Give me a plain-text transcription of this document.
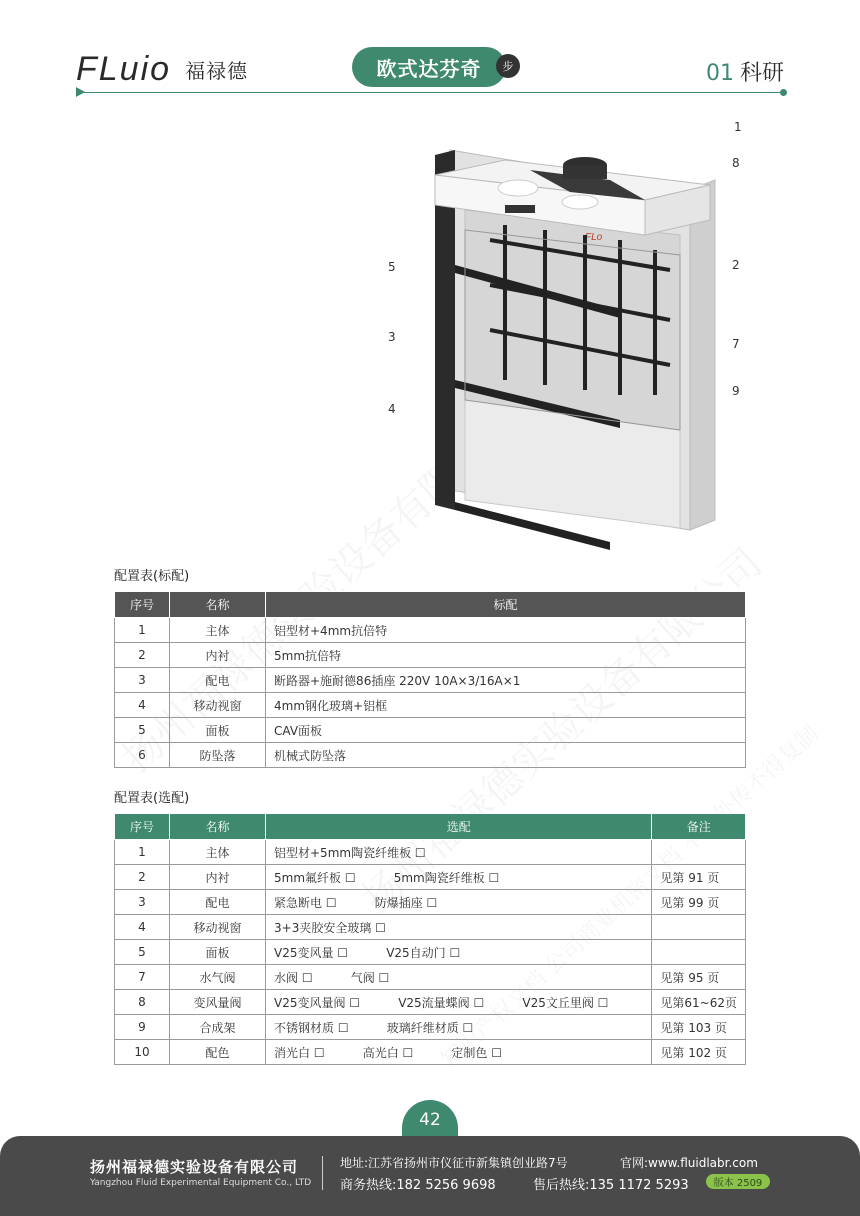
FLuio 福禄德	欧式达芬奇	步	01 科研
FLo
1
8
2
5
3	7
9
4
配置表(标配)
序号	名称	标配
1	主体	铝型材+4mm抗倍特
2	内衬	5mm抗倍特
3	配电	断路器+施耐德86插座 220V 10A×3/16A×1
4	移动视窗	4mm钢化玻璃+铝框
5	面板	CAV面板
6	防坠落	机械式防坠落
配置表(选配)
序号	名称	选配	备注
1	主体	铝型材+5mm陶瓷纤维板 ☐	
2	内衬	5mm氟纤板 ☐          5mm陶瓷纤维板 ☐	见第 91 页
3	配电	紧急断电 ☐          防爆插座 ☐	见第 99 页
4	移动视窗	3+3夹胶安全玻璃 ☐	
5	面板	V25变风量 ☐          V25自动门 ☐	
7	水气阀	水阀 ☐          气阀 ☐	见第 95 页
8	变风量阀	V25变风量阀 ☐          V25流量蝶阀 ☐          V25文丘里阀 ☐	见第61~62页
9	合成架	不锈钢材质 ☐          玻璃纤维材质 ☐	见第 103 页
10	配色	消光白 ☐          高光白 ☐          定制色 ☐	见第 102 页
42
扬州福禄德实验设备有限公司
Yangzhou Fluid Experimental Equipment Co., LTD
地址:江苏省扬州市仪征市新集镇创业路7号	官网:www.fluidlabr.com
商务热线:182 5256 9698	售后热线:135 1172 5293	版本 2509
